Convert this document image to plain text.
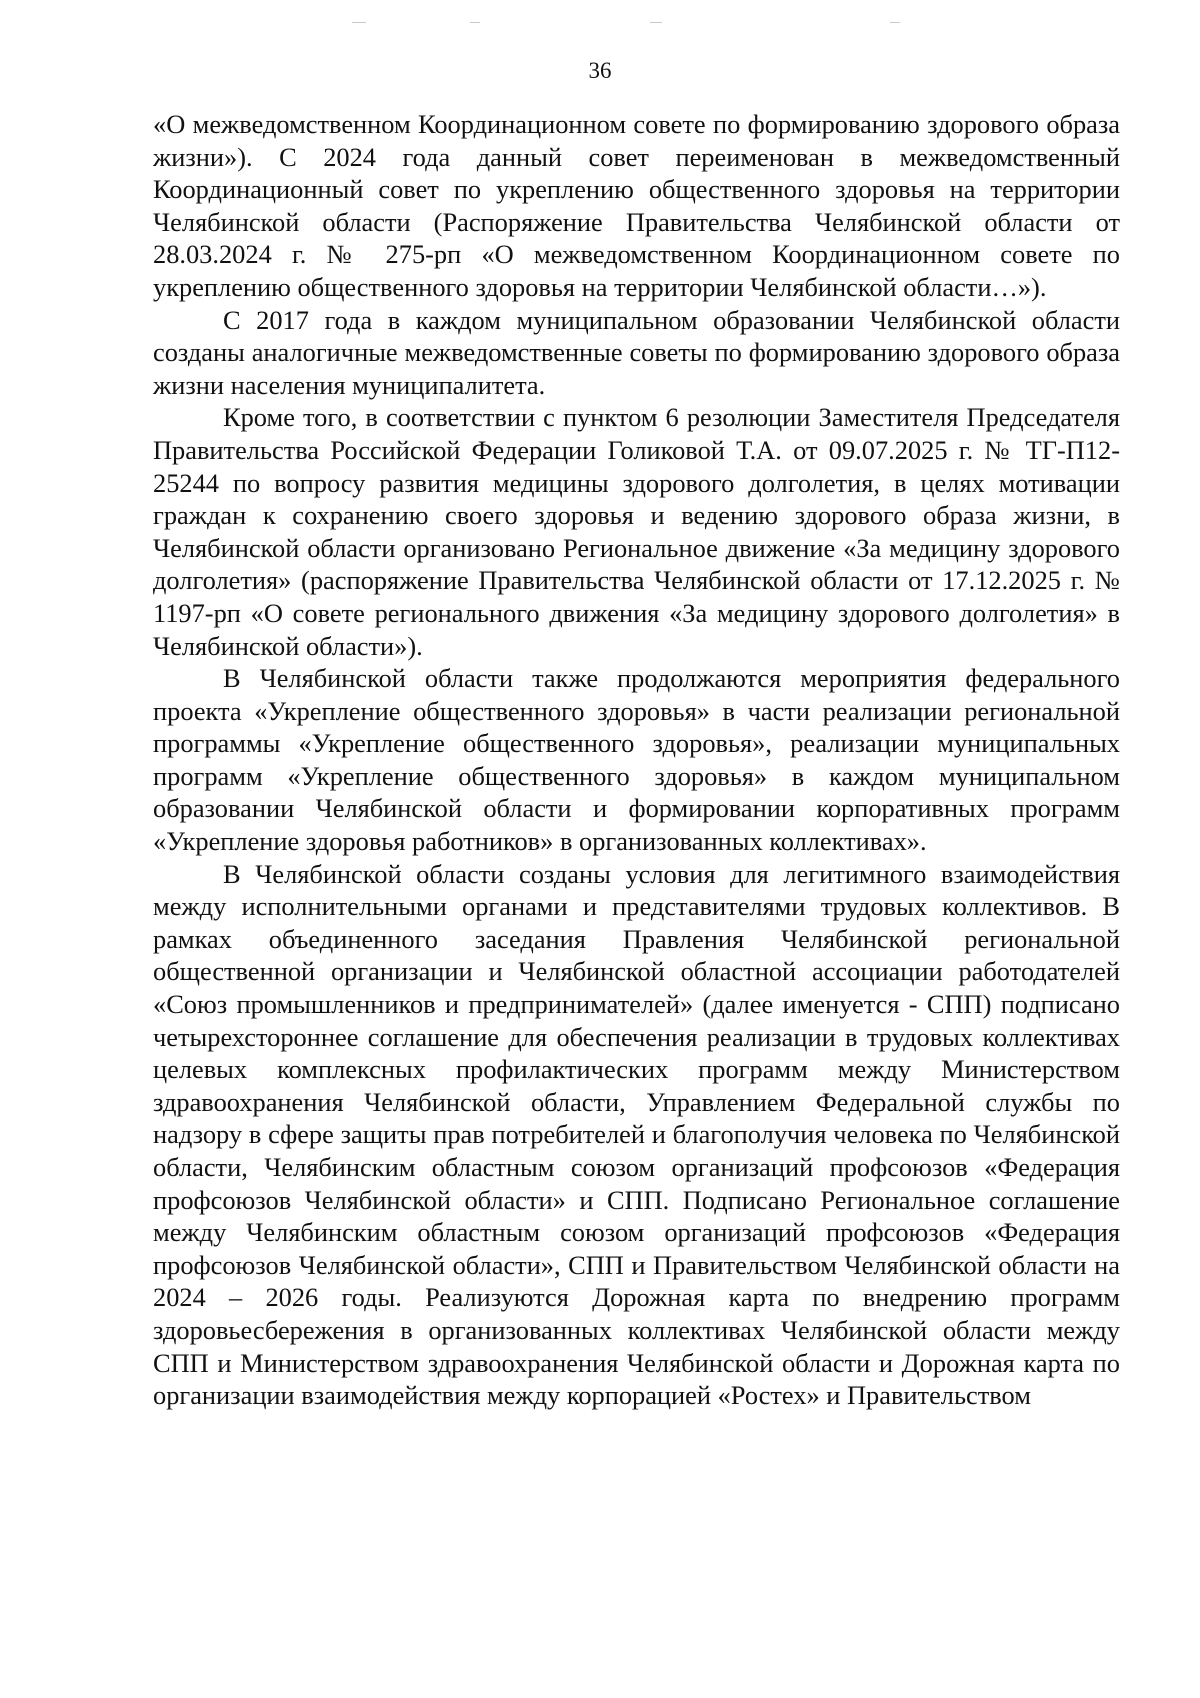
36

«О межведомственном Координационном совете по формированию здорового образа жизни»). С 2024 года данный совет переименован в межведомственный Координационный совет по укреплению общественного здоровья на территории Челябинской области (Распоряжение Правительства Челябинской области от 28.03.2024 г. № 275-рп «О межведомственном Координационном совете по укреплению общественного здоровья на территории Челябинской области…»).

С 2017 года в каждом муниципальном образовании Челябинской области созданы аналогичные межведомственные советы по формированию здорового образа жизни населения муниципалитета.

Кроме того, в соответствии с пунктом 6 резолюции Заместителя Председателя Правительства Российской Федерации Голиковой Т.А. от 09.07.2025 г. № ТГ-П12-25244 по вопросу развития медицины здорового долголетия, в целях мотивации граждан к сохранению своего здоровья и ведению здорового образа жизни, в Челябинской области организовано Региональное движение «За медицину здорового долголетия» (распоряжение Правительства Челябинской области от 17.12.2025 г. № 1197-рп «О совете регионального движения «За медицину здорового долголетия» в Челябинской области»).

В Челябинской области также продолжаются мероприятия федерального проекта «Укрепление общественного здоровья» в части реализации региональной программы «Укрепление общественного здоровья», реализации муниципальных программ «Укрепление общественного здоровья» в каждом муниципальном образовании Челябинской области и формировании корпоративных программ «Укрепление здоровья работников» в организованных коллективах».

В Челябинской области созданы условия для легитимного взаимодействия между исполнительными органами и представителями трудовых коллективов. В рамках объединенного заседания Правления Челябинской региональной общественной организации и Челябинской областной ассоциации работодателей «Союз промышленников и предпринимателей» (далее именуется - СПП) подписано четырехстороннее соглашение для обеспечения реализации в трудовых коллективах целевых комплексных профилактических программ между Министерством здравоохранения Челябинской области, Управлением Федеральной службы по надзору в сфере защиты прав потребителей и благополучия человека по Челябинской области, Челябинским областным союзом организаций профсоюзов «Федерация профсоюзов Челябинской области» и СПП. Подписано Региональное соглашение между Челябинским областным союзом организаций профсоюзов «Федерация профсоюзов Челябинской области», СПП и Правительством Челябинской области на 2024 – 2026 годы. Реализуются Дорожная карта по внедрению программ здоровьесбережения в организованных коллективах Челябинской области между СПП и Министерством здравоохранения Челябинской области и Дорожная карта по организации взаимодействия между корпорацией «Ростех» и Правительством
